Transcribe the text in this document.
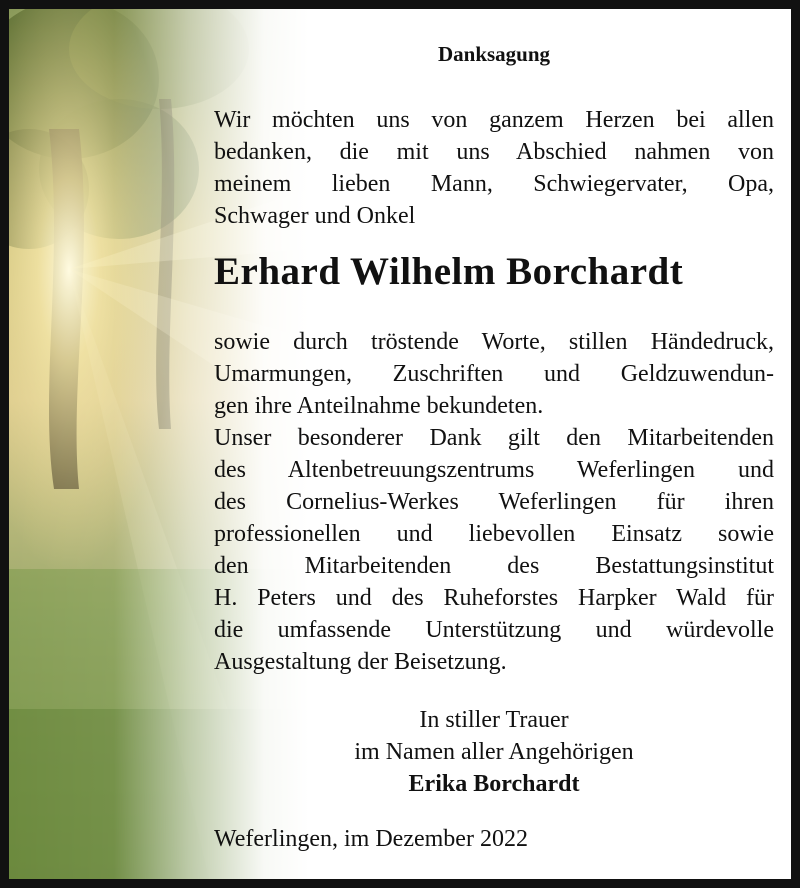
Danksagung
Wir möchten uns von ganzem Herzen bei allen
bedanken, die mit uns Abschied nahmen von
meinem lieben Mann, Schwiegervater, Opa,
Schwager und Onkel
Erhard Wilhelm Borchardt
sowie durch tröstende Worte, stillen Händedruck,
Umarmungen, Zuschriften und Geldzuwendun-
gen ihre Anteilnahme bekundeten.
Unser besonderer Dank gilt den Mitarbeitenden
des Altenbetreuungszentrums Weferlingen und
des Cornelius-Werkes Weferlingen für ihren
professionellen und liebevollen Einsatz sowie
den Mitarbeitenden des Bestattungsinstitut
H. Peters und des Ruheforstes Harpker Wald für
die umfassende Unterstützung und würdevolle
Ausgestaltung der Beisetzung.
In stiller Trauer
im Namen aller Angehörigen
Erika Borchardt
Weferlingen, im Dezember 2022
